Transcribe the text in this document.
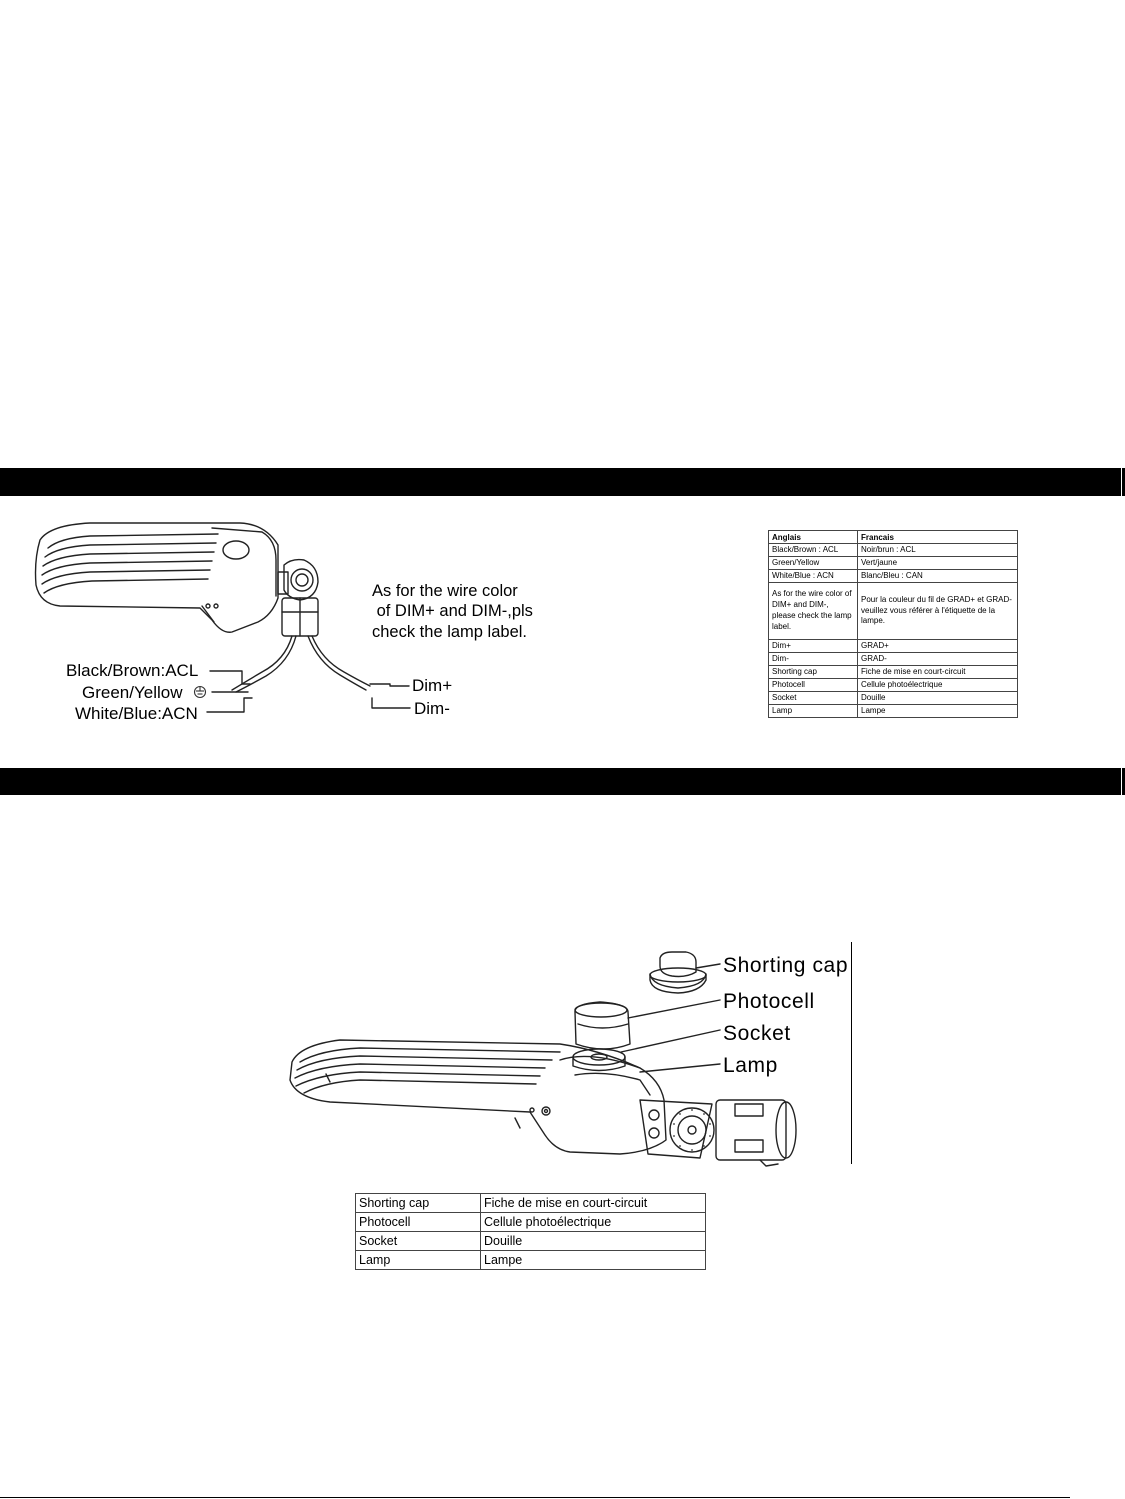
Black/Brown:ACL
Green/Yellow
White/Blue:ACN
Dim+
Dim-
As for the wire color
of DIM+ and DIM-,pls
check the lamp label.
Anglais	Francais
Black/Brown : ACL	Noir/brun : ACL
Green/Yellow	Vert/jaune
White/Blue : ACN	Blanc/Bleu : CAN
As for the wire color of DIM+ and DIM-, please check the lamp label.	Pour la couleur du fil de GRAD+ et GRAD- veuillez vous référer à l'étiquette de la lampe.
Dim+	GRAD+
Dim-	GRAD-
Shorting cap	Fiche de mise en court-circuit
Photocell	Cellule photoélectrique
Socket	Douille
Lamp	Lampe
Shorting cap
Photocell
Socket
Lamp
Shorting cap	Fiche de mise en court-circuit
Photocell	Cellule photoélectrique
Socket	Douille
Lamp	Lampe
